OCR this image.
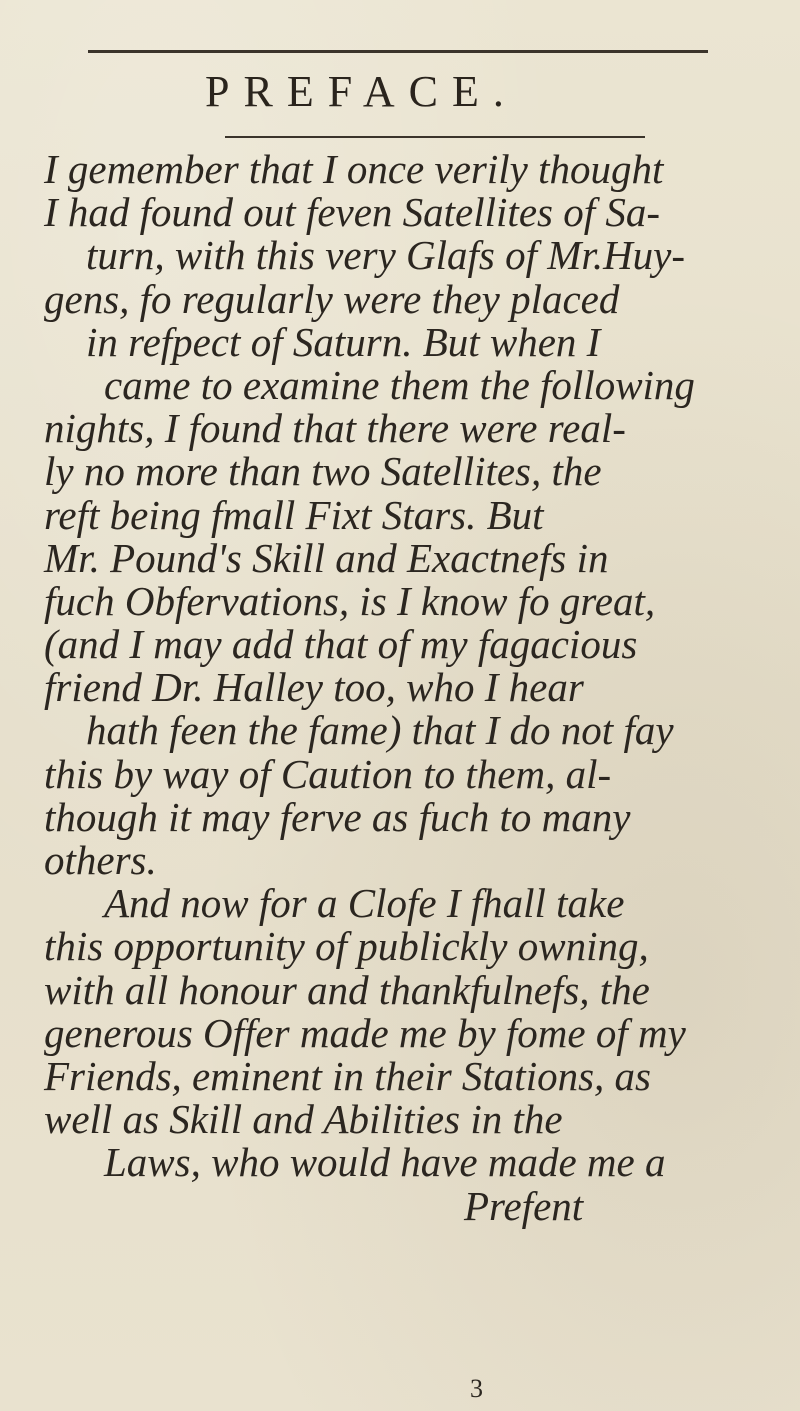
PREFACE.
I gemember that I once verily thought
I had found out feven Satellites of Sa-
turn, with this very Glafs of Mr.Huy-
gens, fo regularly were they placed
in refpect of Saturn. But when I
came to examine them the following
nights, I found that there were real-
ly no more than two Satellites, the
reft being fmall Fixt Stars. But
Mr. Pound's Skill and Exactnefs in
fuch Obfervations, is I know fo great,
(and I may add that of my fagacious
friend Dr. Halley too, who I hear
hath feen the fame) that I do not fay
this by way of Caution to them, al-
though it may ferve as fuch to many
others.
And now for a Clofe I fhall take
this opportunity of publickly owning,
with all honour and thankfulnefs, the
generous Offer made me by fome of my
Friends, eminent in their Stations, as
well as Skill and Abilities in the
Laws, who would have made me a
Prefent
3
